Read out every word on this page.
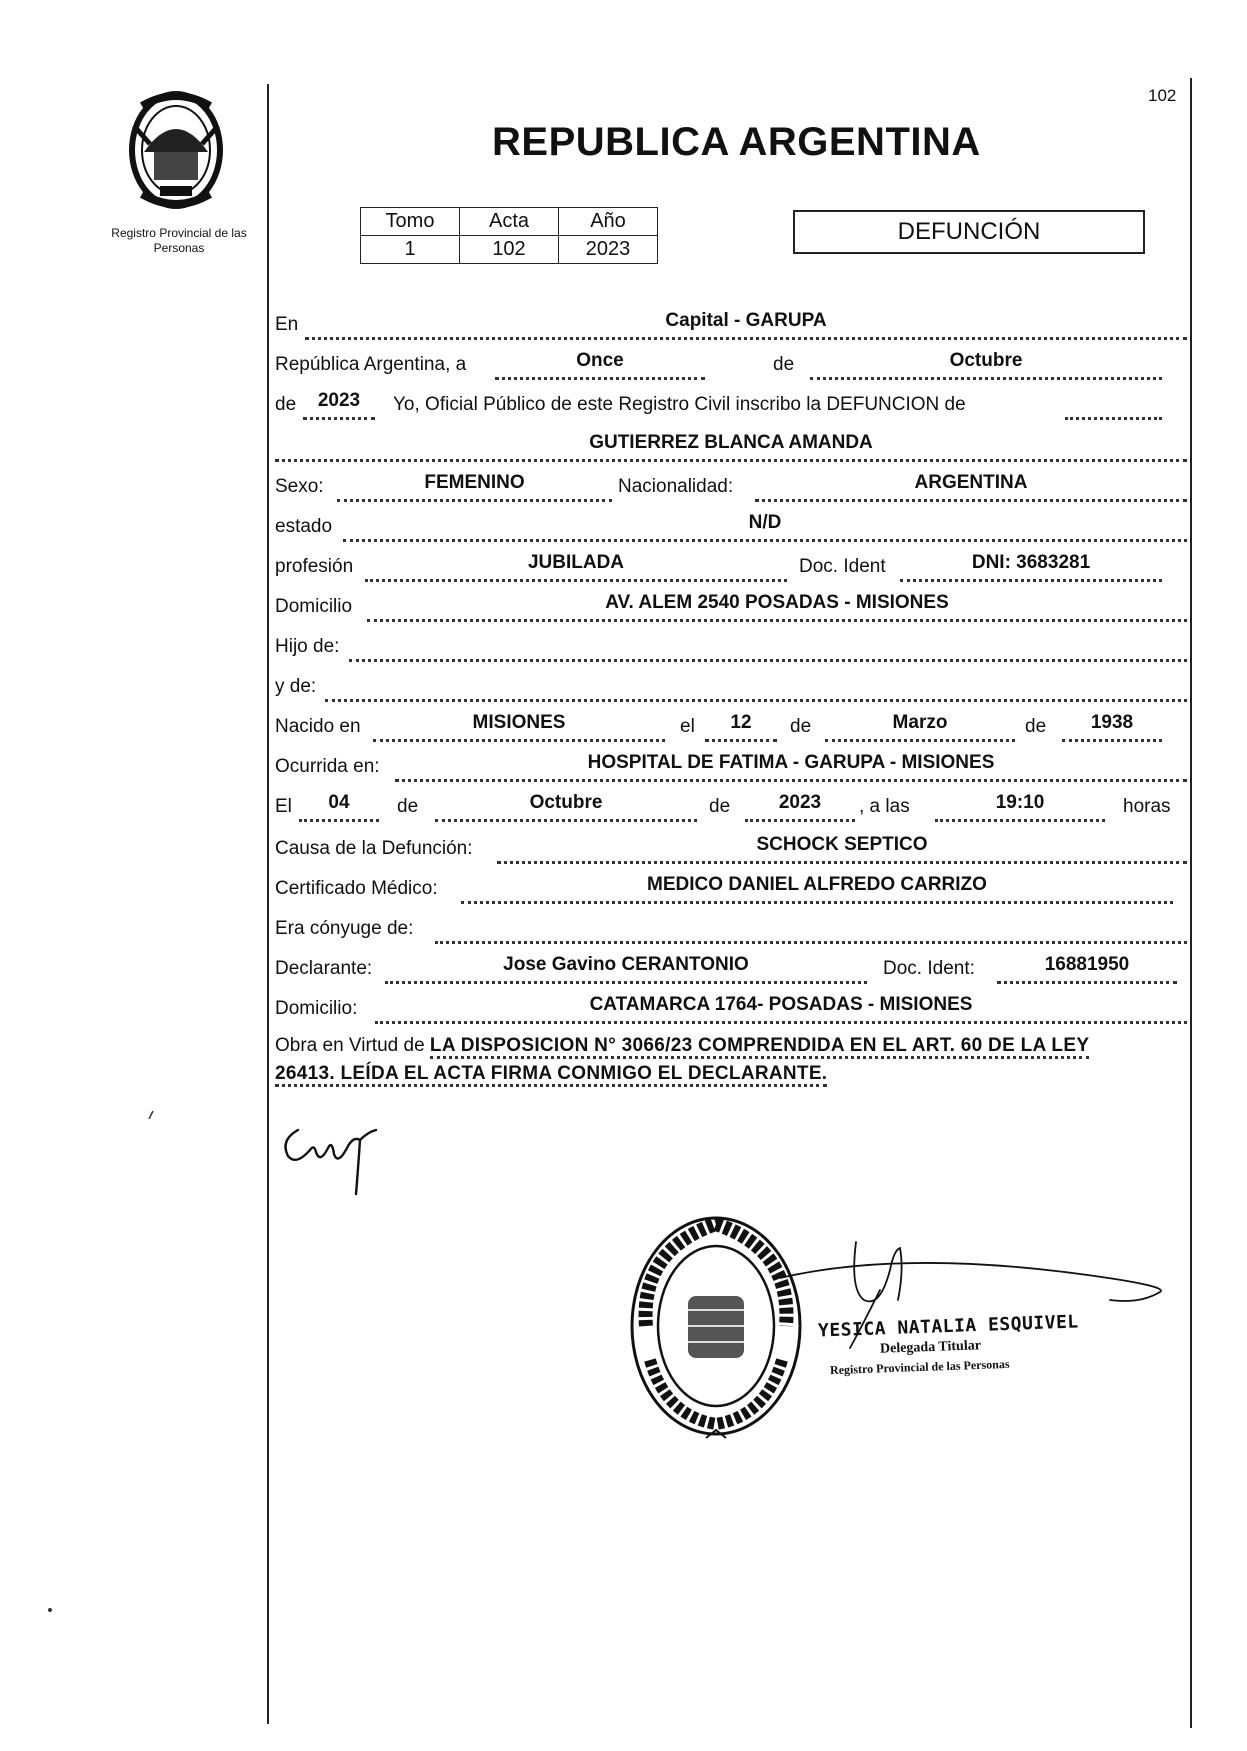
102
Registro Provincial de las Personas
REPUBLICA ARGENTINA
Tomo	Acta	Año
1	102	2023
DEFUNCIÓN
En	Capital - GARUPA
República Argentina, a	Once	de	Octubre
de	2023	Yo, Oficial Público de este Registro Civil inscribo la DEFUNCION de
GUTIERREZ BLANCA AMANDA
Sexo:	FEMENINO	Nacionalidad:	ARGENTINA
estado	N/D
profesión	JUBILADA	Doc. Ident	DNI: 3683281
Domicilio	AV. ALEM 2540 POSADAS - MISIONES
Hijo de:
y de:
Nacido en	MISIONES	el	12	de	Marzo	de	1938
Ocurrida en:	HOSPITAL DE FATIMA - GARUPA - MISIONES
El	04	de	Octubre	de	2023	, a las	19:10	horas
Causa de la Defunción:	SCHOCK SEPTICO
Certificado Médico:	MEDICO DANIEL ALFREDO CARRIZO
Era cónyuge de:
Declarante:	Jose Gavino CERANTONIO	Doc. Ident:	16881950
Domicilio:	CATAMARCA 1764- POSADAS - MISIONES
Obra en Virtud de LA DISPOSICION N° 3066/23 COMPRENDIDA EN EL ART. 60 DE LA LEY
26413. LEÍDA EL ACTA FIRMA CONMIGO EL DECLARANTE.
YESICA NATALIA ESQUIVEL
Delegada Titular
Registro Provincial de las Personas
